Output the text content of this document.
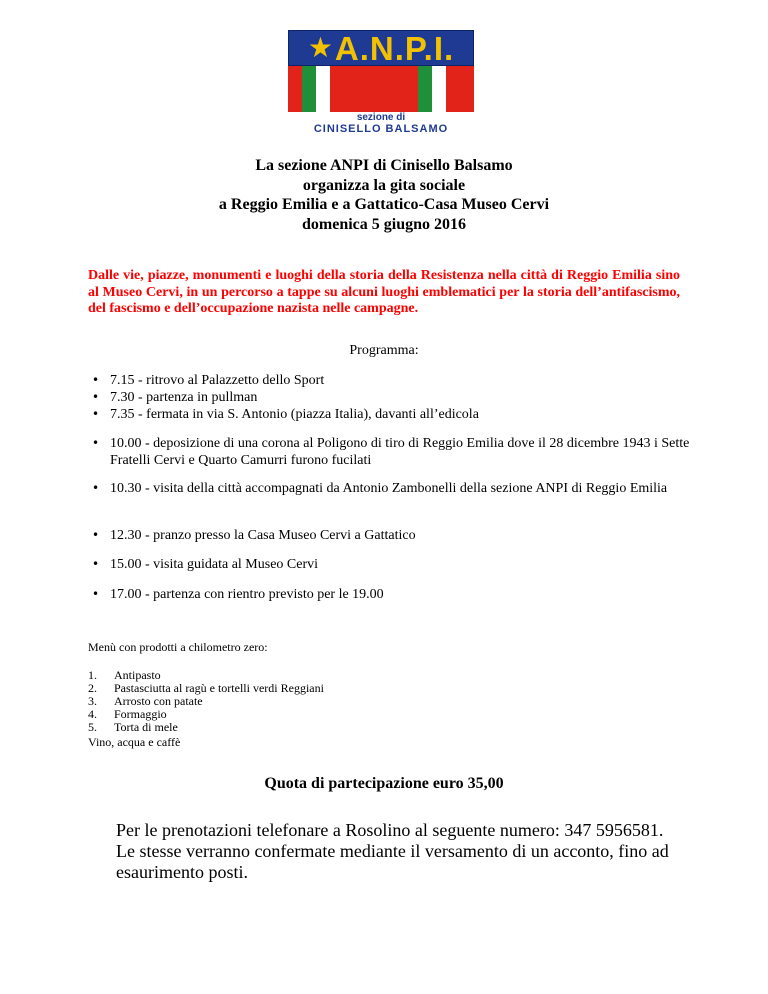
★ A.N.P.I.
sezione di
CINISELLO BALSAMO
La sezione ANPI di Cinisello Balsamo
organizza la gita sociale
a Reggio Emilia e a Gattatico-Casa Museo Cervi
domenica 5 giugno 2016

Dalle vie, piazze, monumenti e luoghi della storia della Resistenza nella città di Reggio Emilia sino al Museo Cervi, in un percorso a tappe su alcuni luoghi emblematici per la storia dell’antifascismo, del fascismo e dell’occupazione nazista nelle campagne.

Programma:
• 7.15 - ritrovo al Palazzetto dello Sport
• 7.30 - partenza in pullman
• 7.35 - fermata in via S. Antonio (piazza Italia), davanti all’edicola
• 10.00 - deposizione di una corona al Poligono di tiro di Reggio Emilia dove il 28 dicembre 1943 i Sette Fratelli Cervi e Quarto Camurri furono fucilati
• 10.30 - visita della città accompagnati da Antonio Zambonelli della sezione ANPI di Reggio Emilia
• 12.30 - pranzo presso la Casa Museo Cervi a Gattatico
• 15.00 - visita guidata al Museo Cervi
• 17.00 - partenza con rientro previsto per le 19.00
Menù con prodotti a chilometro zero:
1.	Antipasto
2.	Pastasciutta al ragù e tortelli verdi Reggiani
3.	Arrosto con patate
4.	Formaggio
5.	Torta di mele
Vino, acqua e caffè
Quota di partecipazione euro 35,00

Per le prenotazioni telefonare a Rosolino al seguente numero: 347 5956581.

Le stesse verranno confermate mediante il versamento di un acconto, fino ad esaurimento posti.
